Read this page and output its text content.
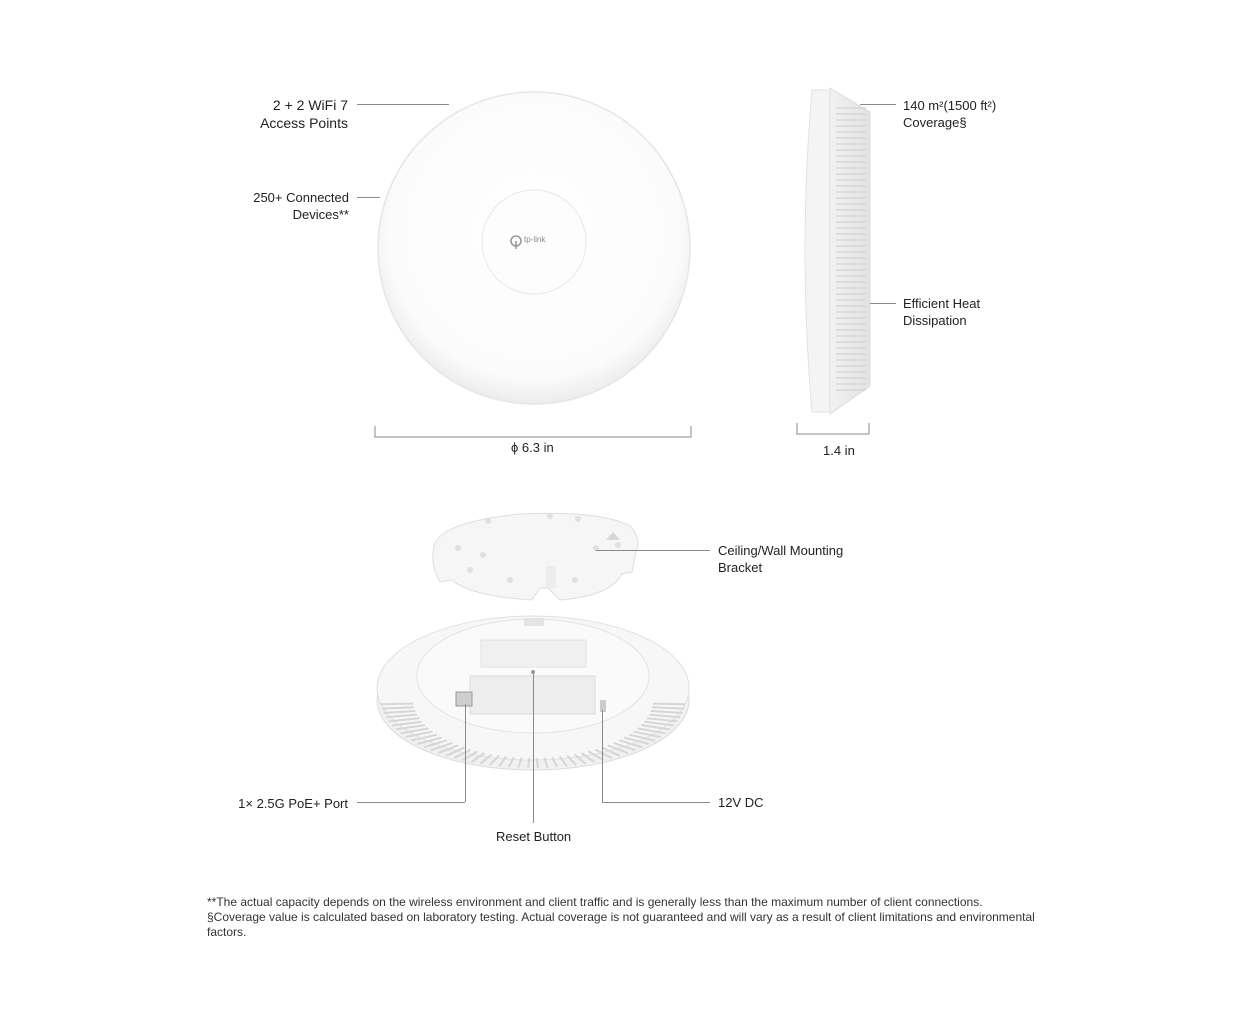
2 + 2 WiFi 7
Access Points
250+ Connected
Devices**
140 m²(1500 ft²)
Coverage§
Efficient Heat
Dissipation
ϕ 6.3 in	1.4 in
Ceiling/Wall Mounting
Bracket
1× 2.5G PoE+ Port
Reset Button
12V DC
tp-link
**The actual capacity depends on the wireless environment and client traffic and is generally less than the maximum number of client connections.
§Coverage value is calculated based on laboratory testing. Actual coverage is not guaranteed and will vary as a result of client limitations and environmental factors.
